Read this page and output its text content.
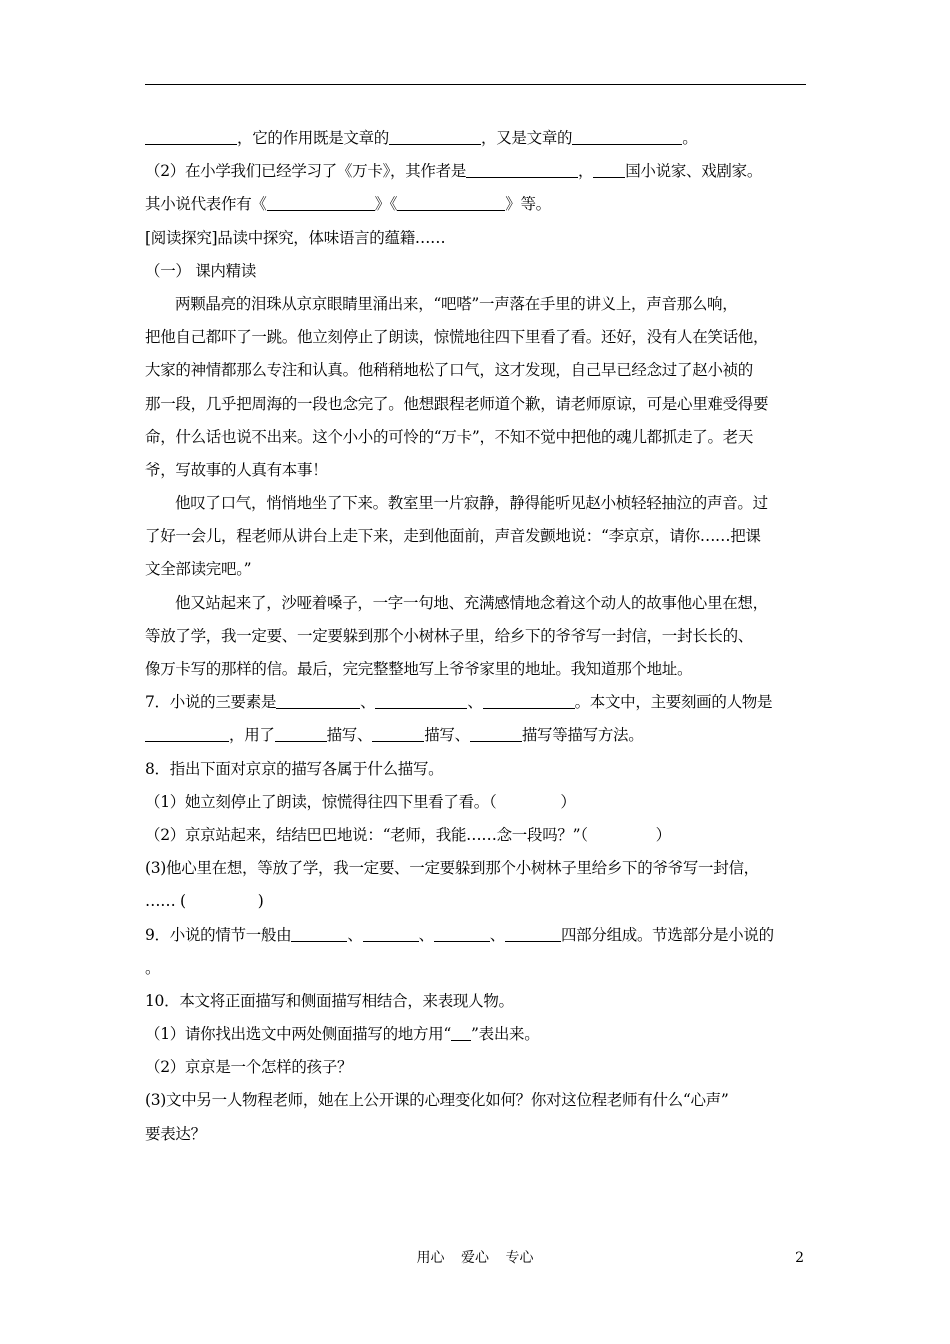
，它的作用既是文章的	，又是文章的	。
（2）在小学我们已经学习了《万卡》，其作者是	， 国小说家、戏剧家。
其小说代表作有《	》《	》等。
[阅读探究]品读中探究，体味语言的蕴籍……
（一） 课内精读
两颗晶亮的泪珠从京京眼睛里涌出来，“吧嗒”一声落在手里的讲义上，声音那么响，
把他自己都吓了一跳。他立刻停止了朗读，惊慌地往四下里看了看。还好，没有人在笑话他，
大家的神情都那么专注和认真。他稍稍地松了口气，这才发现，自己早已经念过了赵小祯的
那一段，几乎把周海的一段也念完了。他想跟程老师道个歉，请老师原谅，可是心里难受得要
命，什么话也说不出来。这个小小的可怜的“万卡”，不知不觉中把他的魂儿都抓走了。老天
爷，写故事的人真有本事！
他叹了口气，悄悄地坐了下来。教室里一片寂静，静得能听见赵小桢轻轻抽泣的声音。过
了好一会儿，程老师从讲台上走下来，走到他面前，声音发颤地说：“李京京，请你……把课
文全部读完吧。”
他又站起来了，沙哑着嗓子，一字一句地、充满感情地念着这个动人的故事他心里在想，
等放了学，我一定要、一定要躲到那个小树林子里，给乡下的爷爷写一封信，一封长长的、
像万卡写的那样的信。最后，完完整整地写上爷爷家里的地址。我知道那个地址。
7．小说的三要素是	、	、	。本文中，主要刻画的人物是
，用了	描写、	描写、	描写等描写方法。
8．指出下面对京京的描写各属于什么描写。
（1）她立刻停止了朗读，惊慌得往四下里看了看。（	）
（2）京京站起来，结结巴巴地说：“老师，我能……念一段吗？”（	）
(3)他心里在想，等放了学，我一定要、一定要躲到那个小树林子里给乡下的爷爷写一封信，
…… (	)
9．小说的情节一般由	、	、	、	四部分组成。节选部分是小说的
。
10．本文将正面描写和侧面描写相结合，来表现人物。
（1）请你找出选文中两处侧面描写的地方用“ ”表出来。
（2）京京是一个怎样的孩子？
(3)文中另一人物程老师，她在上公开课的心理变化如何？你对这位程老师有什么“心声”
要表达？
用心 爱心 专心	2
